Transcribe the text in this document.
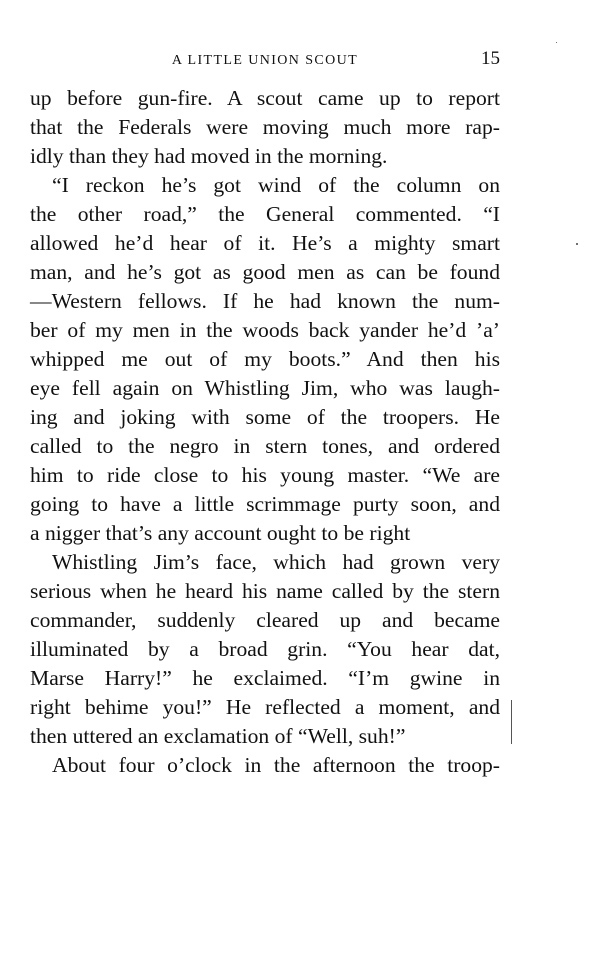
A LITTLE UNION SCOUT	15

up before gun-fire. A scout came up to report
that the Federals were moving much more rap-
idly than they had moved in the morning.

“I reckon he’s got wind of the column on
the other road,” the General commented. “I
allowed he’d hear of it. He’s a mighty smart
man, and he’s got as good men as can be found
—Western fellows. If he had known the num-
ber of my men in the woods back yander he’d ’a’
whipped me out of my boots.” And then his
eye fell again on Whistling Jim, who was laugh-
ing and joking with some of the troopers. He
called to the negro in stern tones, and ordered
him to ride close to his young master. “We are
going to have a little scrimmage purty soon, and
a nigger that’s any account ought to be right

Whistling Jim’s face, which had grown very
serious when he heard his name called by the stern
commander, suddenly cleared up and became
illuminated by a broad grin. “You hear dat,
Marse Harry!” he exclaimed. “I’m gwine in
right behime you!” He reflected a moment, and
then uttered an exclamation of “Well, suh!”

About four o’clock in the afternoon the troop-
